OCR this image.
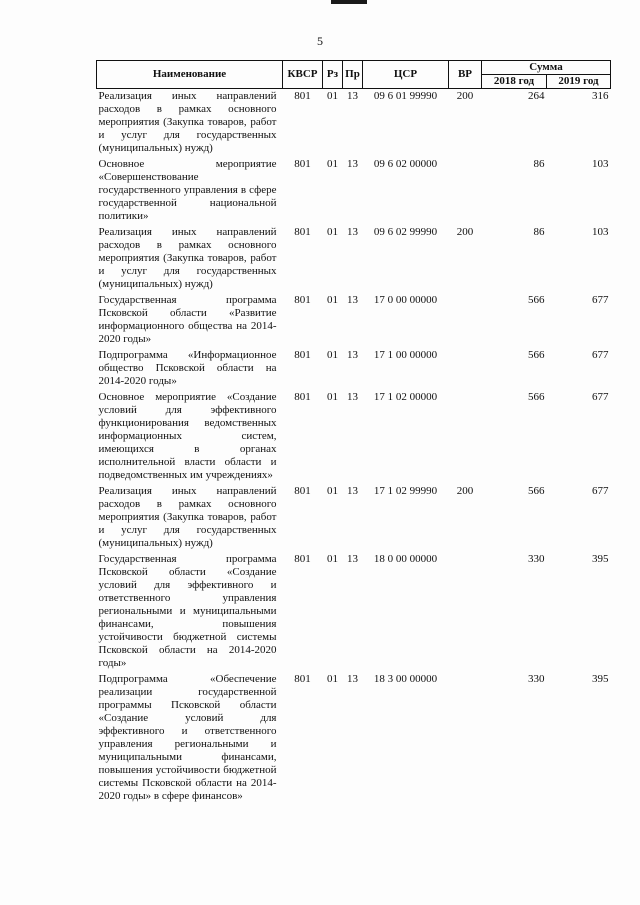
5
Наименование	КВСР	Рз	Пр	ЦСР	ВР	Сумма	
						2018 год	2019 год
Реализация иных направлений расходов в рамках основного мероприятия (Закупка товаров, работ и услуг для государственных (муниципальных) нужд)	801	01	13	09 6 01 99990	200	264	316
Основное мероприятие «Совершенствование государственного управления в сфере государственной национальной политики»	801	01	13	09 6 02 00000		86	103
Реализация иных направлений расходов в рамках основного мероприятия (Закупка товаров, работ и услуг для государственных (муниципальных) нужд)	801	01	13	09 6 02 99990	200	86	103
Государственная программа Псковской области «Развитие информационного общества на 2014-2020 годы»	801	01	13	17 0 00 00000		566	677
Подпрограмма «Информационное общество Псковской области на 2014-2020 годы»	801	01	13	17 1 00 00000		566	677
Основное мероприятие «Создание условий для эффективного функционирования ведомственных информационных систем, имеющихся в органах исполнительной власти области и подведомственных им учреждениях»	801	01	13	17 1 02 00000		566	677
Реализация иных направлений расходов в рамках основного мероприятия (Закупка товаров, работ и услуг для государственных (муниципальных) нужд)	801	01	13	17 1 02 99990	200	566	677
Государственная программа Псковской области «Создание условий для эффективного и ответственного управления региональными и муниципальными финансами, повышения устойчивости бюджетной системы Псковской области на 2014-2020 годы»	801	01	13	18 0 00 00000		330	395
Подпрограмма «Обеспечение реализации государственной программы Псковской области «Создание условий для эффективного и ответственного управления региональными и муниципальными финансами, повышения устойчивости бюджетной системы Псковской области на 2014-2020 годы» в сфере финансов»	801	01	13	18 3 00 00000		330	395
